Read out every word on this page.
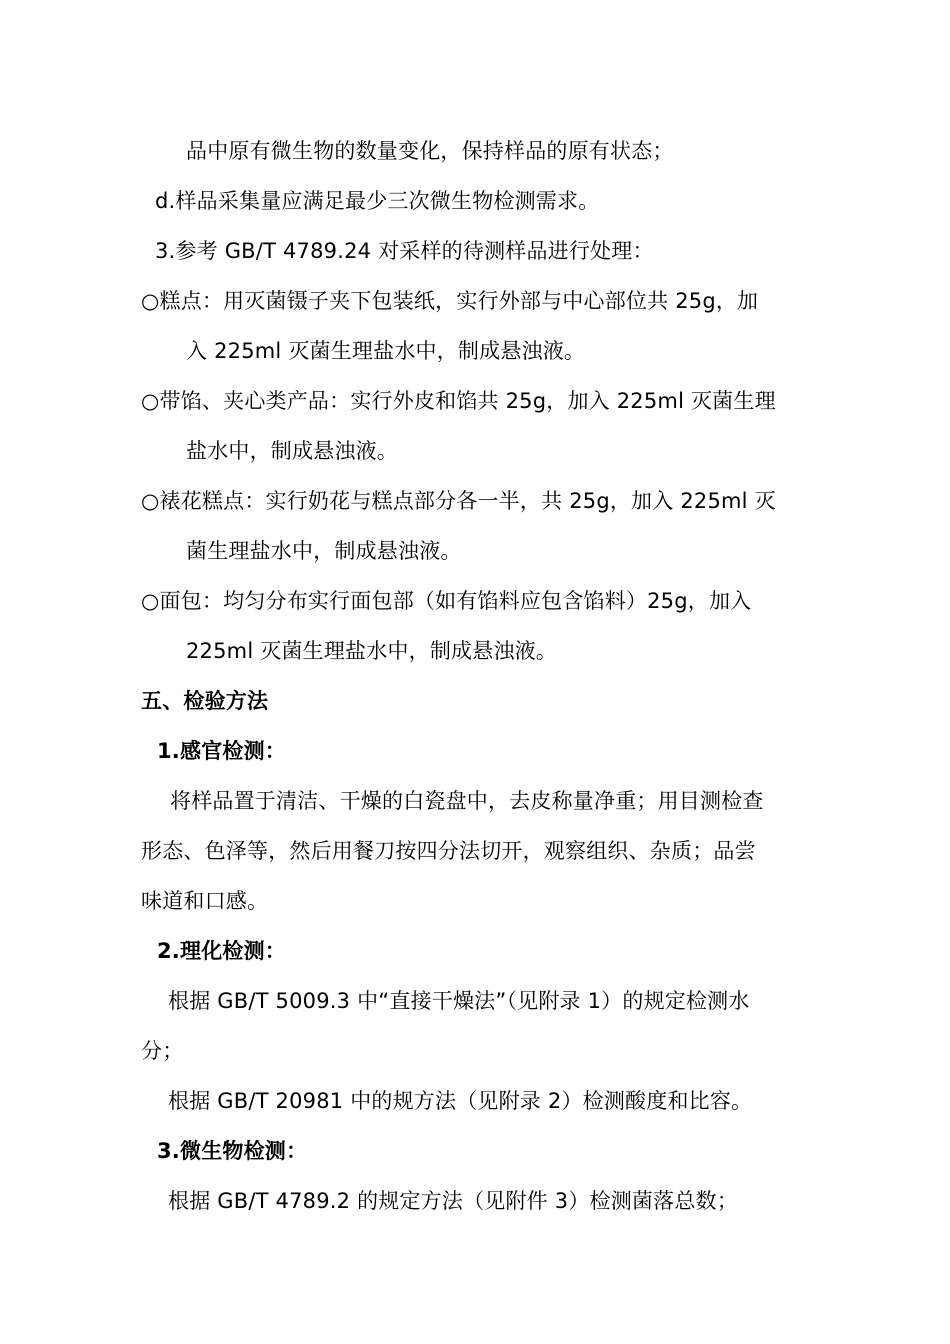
品中原有微生物的数量变化，保持样品的原有状态；
d.样品采集量应满足最少三次微生物检测需求。
3.参考 GB/T 4789.24 对采样的待测样品进行处理：
○糕点：用灭菌镊子夹下包装纸，实行外部与中心部位共 25g，加
入 225ml 灭菌生理盐水中，制成悬浊液。
○带馅、夹心类产品：实行外皮和馅共 25g，加入 225ml 灭菌生理
盐水中，制成悬浊液。
○裱花糕点：实行奶花与糕点部分各一半，共 25g，加入 225ml 灭
菌生理盐水中，制成悬浊液。
○面包：均匀分布实行面包部（如有馅料应包含馅料）25g，加入
225ml 灭菌生理盐水中，制成悬浊液。
五、检验方法
1.感官检测：
将样品置于清洁、干燥的白瓷盘中，去皮称量净重；用目测检查
形态、色泽等，然后用餐刀按四分法切开，观察组织、杂质；品尝
味道和口感。
2.理化检测：
根据 GB/T 5009.3 中“直接干燥法”（见附录 1）的规定检测水
分；
根据 GB/T 20981 中的规方法（见附录 2）检测酸度和比容。
3.微生物检测：
根据 GB/T 4789.2 的规定方法（见附件 3）检测菌落总数；
